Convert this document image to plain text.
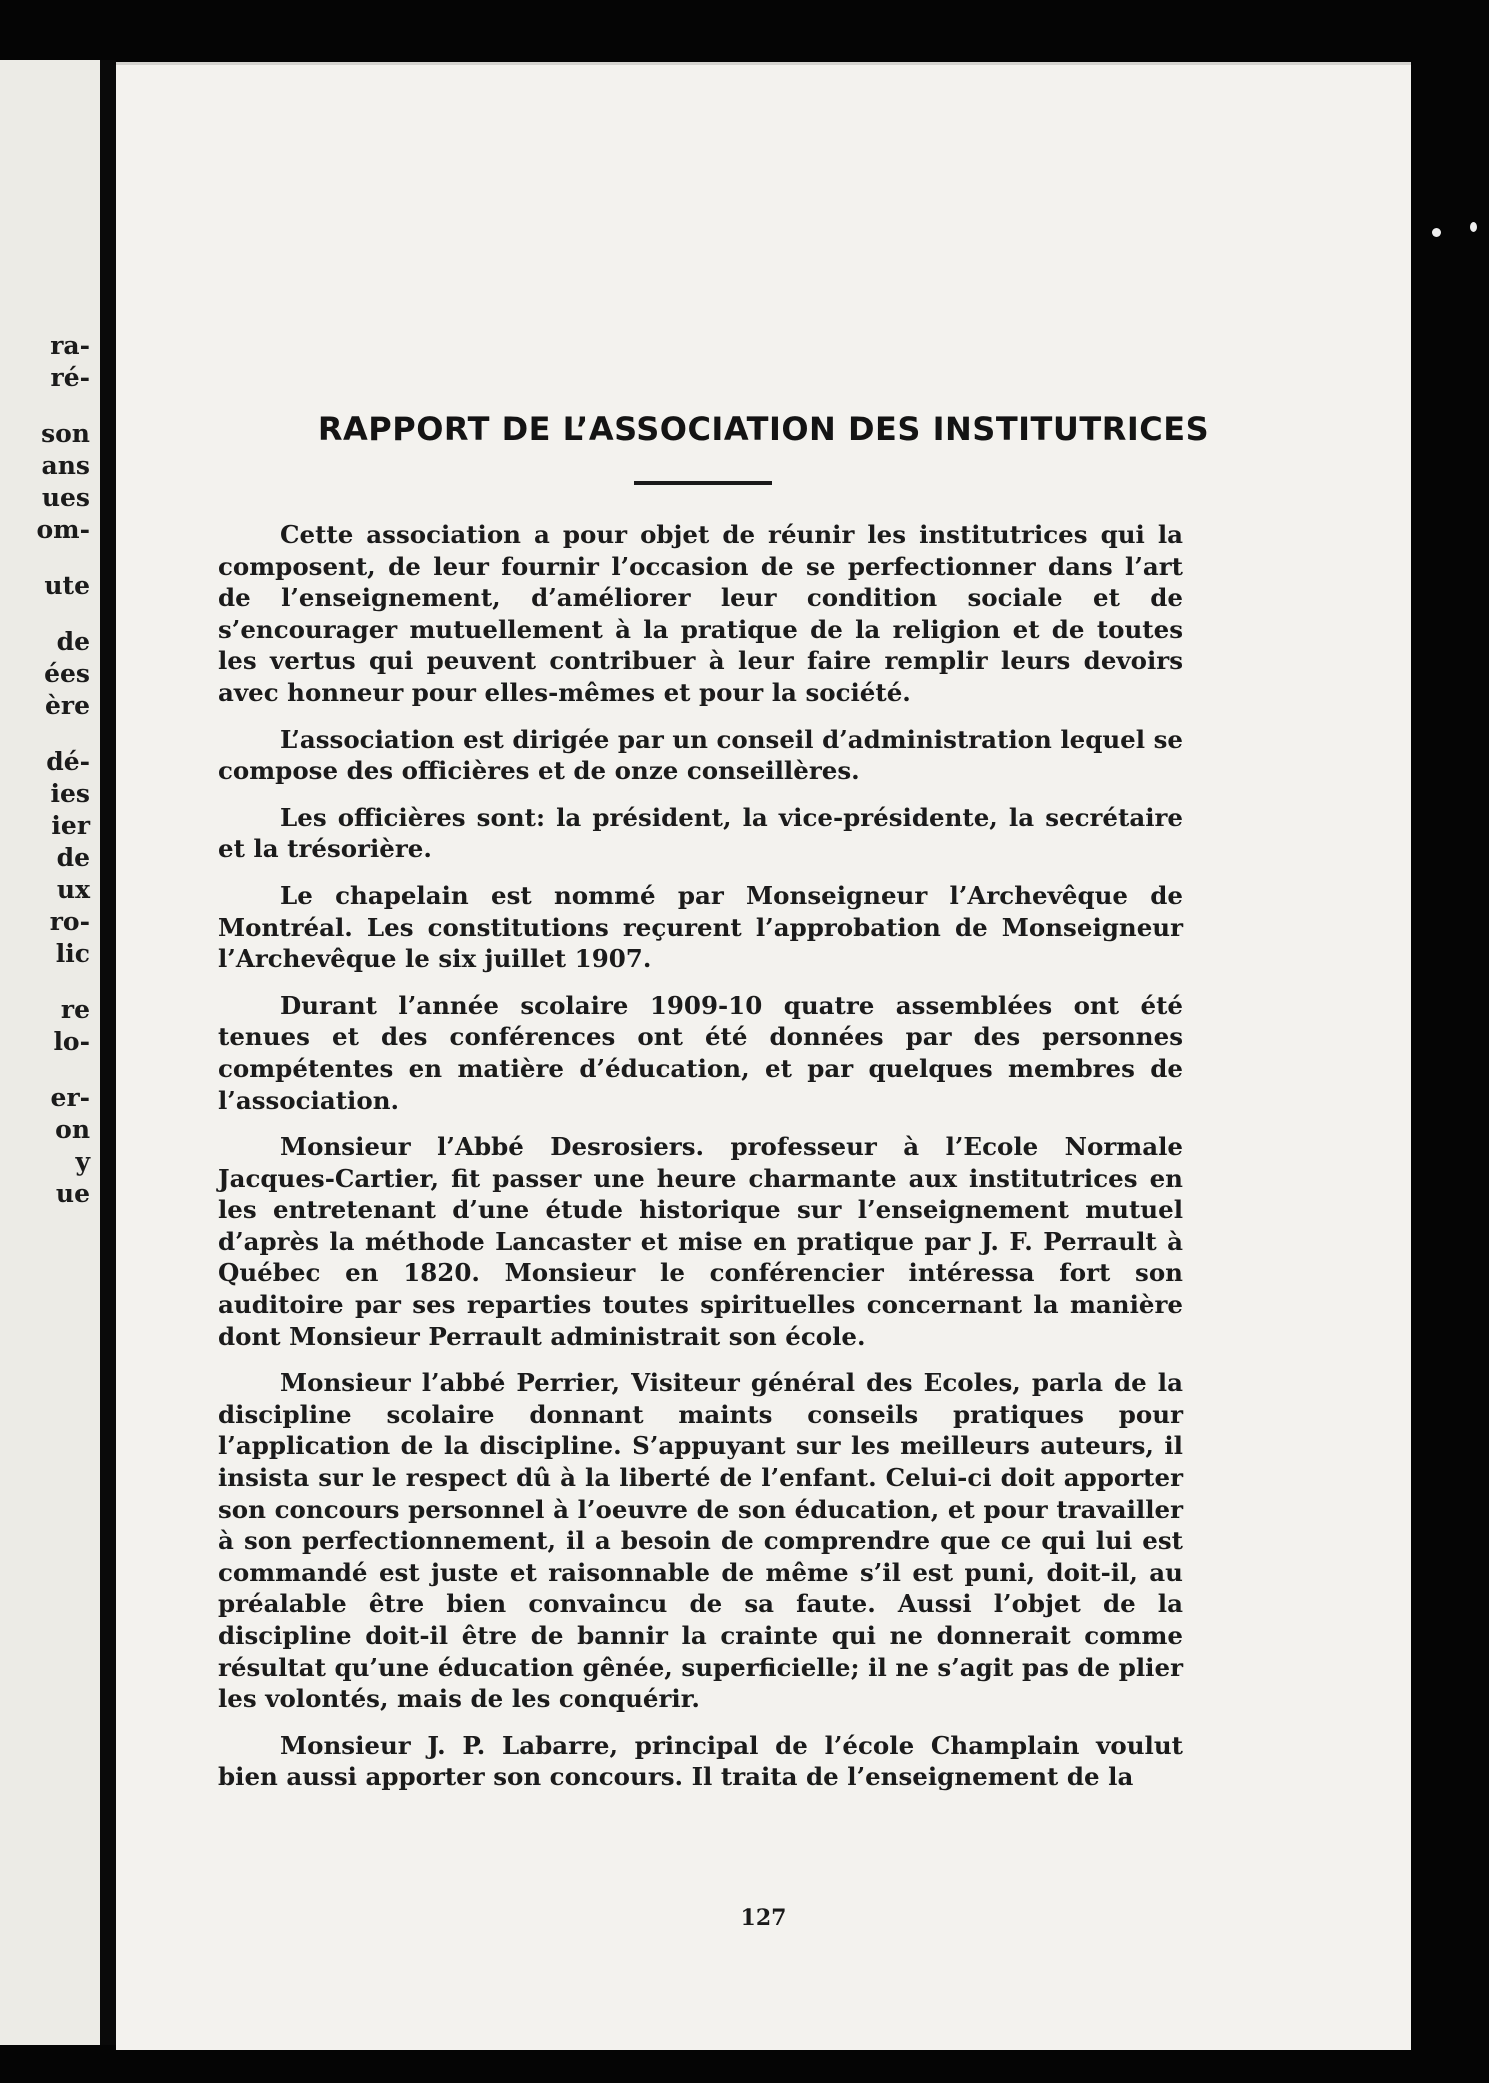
ra-
ré-
son
ans
ues
om-
ute
de
ées
ère
dé-
ies
ier
de
ux
ro-
lic
re
lo-
er-
on
y
ue
RAPPORT DE L’ASSOCIATION DES INSTITUTRICES

Cette association a pour objet de réunir les institutrices qui la composent, de leur fournir l’occasion de se perfectionner dans l’art de l’enseignement, d’améliorer leur condition sociale et de s’encourager mutuellement à la pratique de la religion et de toutes les vertus qui peuvent contribuer à leur faire remplir leurs devoirs avec honneur pour elles-mêmes et pour la société.

L’association est dirigée par un conseil d’administration lequel se compose des officières et de onze conseillères.

Les officières sont: la président, la vice-présidente, la secrétaire et la trésorière.

Le chapelain est nommé par Monseigneur l’Archevêque de Montréal. Les constitutions reçurent l’approbation de Monseigneur l’Archevêque le six juillet 1907.

Durant l’année scolaire 1909-10 quatre assemblées ont été tenues et des conférences ont été données par des personnes compétentes en matière d’éducation, et par quelques membres de l’association.

Monsieur l’Abbé Desrosiers. professeur à l’Ecole Normale Jacques-Cartier, fit passer une heure charmante aux institutrices en les entretenant d’une étude historique sur l’enseignement mutuel d’après la méthode Lancaster et mise en pratique par J. F. Perrault à Québec en 1820. Monsieur le conférencier intéressa fort son auditoire par ses reparties toutes spirituelles concernant la manière dont Monsieur Perrault administrait son école.

Monsieur l’abbé Perrier, Visiteur général des Ecoles, parla de la discipline scolaire donnant maints conseils pratiques pour l’application de la discipline. S’appuyant sur les meilleurs auteurs, il insista sur le respect dû à la liberté de l’enfant. Celui-ci doit apporter son concours personnel à l’oeuvre de son éducation, et pour travailler à son perfectionnement, il a besoin de comprendre que ce qui lui est commandé est juste et raisonnable de même s’il est puni, doit-il, au préalable être bien convaincu de sa faute. Aussi l’objet de la discipline doit-il être de bannir la crainte qui ne donnerait comme résultat qu’une éducation gênée, superficielle; il ne s’agit pas de plier les volontés, mais de les conquérir.

Monsieur J. P. Labarre, principal de l’école Champlain voulut bien aussi apporter son concours. Il traita de l’enseignement de la

127
